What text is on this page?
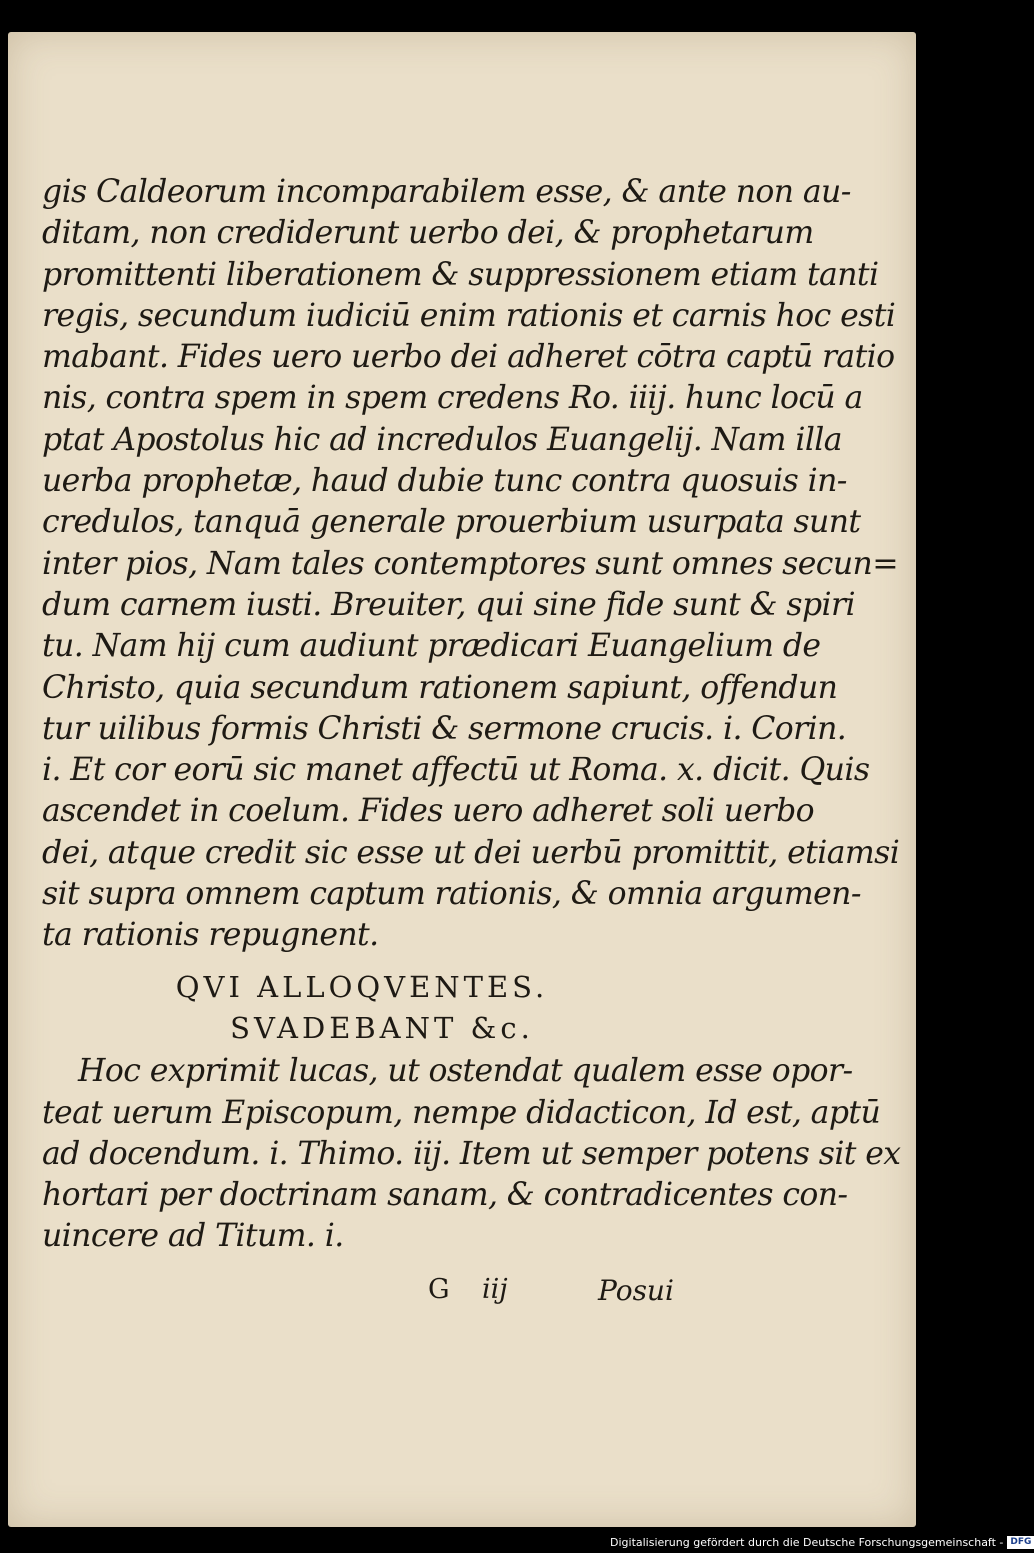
gis Caldeorum incomparabilem esse, & ante non au-
ditam, non crediderunt uerbo dei, & prophetarum
promittenti liberationem & suppressionem etiam tanti
regis, secundum iudiciū enim rationis et carnis hoc esti
mabant. Fides uero uerbo dei adheret cōtra captū ratio
nis, contra spem in spem credens Ro. iiij. hunc locū a
ptat Apostolus hic ad incredulos Euangelij. Nam illa
uerba prophetæ, haud dubie tunc contra quosuis in-
credulos, tanquā generale prouerbium usurpata sunt
inter pios, Nam tales contemptores sunt omnes secun=
dum carnem iusti. Breuiter, qui sine fide sunt & spiri
tu. Nam hij cum audiunt prædicari Euangelium de
Christo, quia secundum rationem sapiunt, offendun
tur uilibus formis Christi & sermone crucis. i. Corin.
i. Et cor eorū sic manet affectū ut Roma. x. dicit. Quis
ascendet in coelum. Fides uero adheret soli uerbo
dei, atque credit sic esse ut dei uerbū promittit, etiamsi
sit supra omnem captum rationis, & omnia argumen-
ta rationis repugnent.
QVI ALLOQVENTES.
SVADEBANT &c.
Hoc exprimit lucas, ut ostendat qualem esse opor-
teat uerum Episcopum, nempe didacticon, Id est, aptū
ad docendum. i. Thimo. iij. Item ut semper potens sit ex
hortari per doctrinam sanam, & contradicentes con-
uincere ad Titum. i.
G iij	Posui
Digitalisierung gefördert durch die Deutsche Forschungsgemeinschaft - DFG
